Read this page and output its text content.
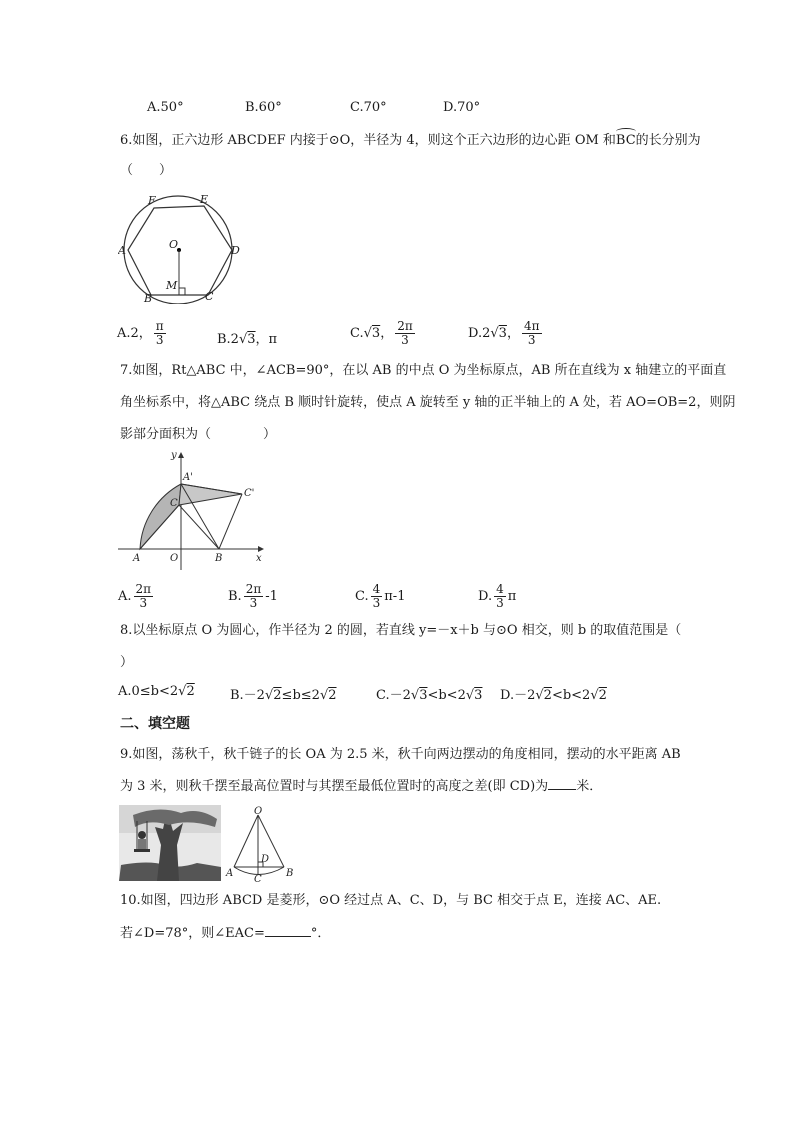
A.50°	B.60°	C.70°	D.70°
6.如图，正六边形 ABCDEF 内接于⊙O，半径为 4，则这个正六边形的边心距 OM 和BC的长分别为
（　　）
F	E
A	O	D
M
B	C
A.2， $\frac{\pi}{3}$	B.2√3，π	C.√3， $\frac{2\pi}{3}$	D.2√3， $\frac{4\pi}{3}$
7.如图，Rt△ABC 中，∠ACB=90°，在以 AB 的中点 O 为坐标原点，AB 所在直线为 x 轴建立的平面直
角坐标系中，将△ABC 绕点 B 顺时针旋转，使点 A 旋转至 y 轴的正半轴上的 A 处，若 AO=OB=2，则阴
影部分面积为（　　　　）
y
A'
C
C'
A	O	B	x
A. $\frac{2\pi}{3}$	B. $\frac{2\pi}{3} -1$	C. $\frac{4}{3} \pi-1$	D. $\frac{4}{3}$ π
8.以坐标原点 O 为圆心，作半径为 2 的圆，若直线 y=－x＋b 与⊙O 相交，则 b 的取值范围是（
）
A.0≤b<2√2	B.－2√2≤b≤2√2	C.－2√3<b<2√3 D.－2√2<b<2√2
二、填空题
9.如图，荡秋千，秋千链子的长 OA 为 2.5 米，秋千向两边摆动的角度相同，摆动的水平距离 AB
为 3 米，则秋千摆至最高位置时与其摆至最低位置时的高度之差(即 CD)为 米．
O
D
A
C
B
10.如图，四边形 ABCD 是菱形，⊙O 经过点 A、C、D，与 BC 相交于点 E，连接 AC、AE.
若∠D=78°，则∠EAC=	°．
